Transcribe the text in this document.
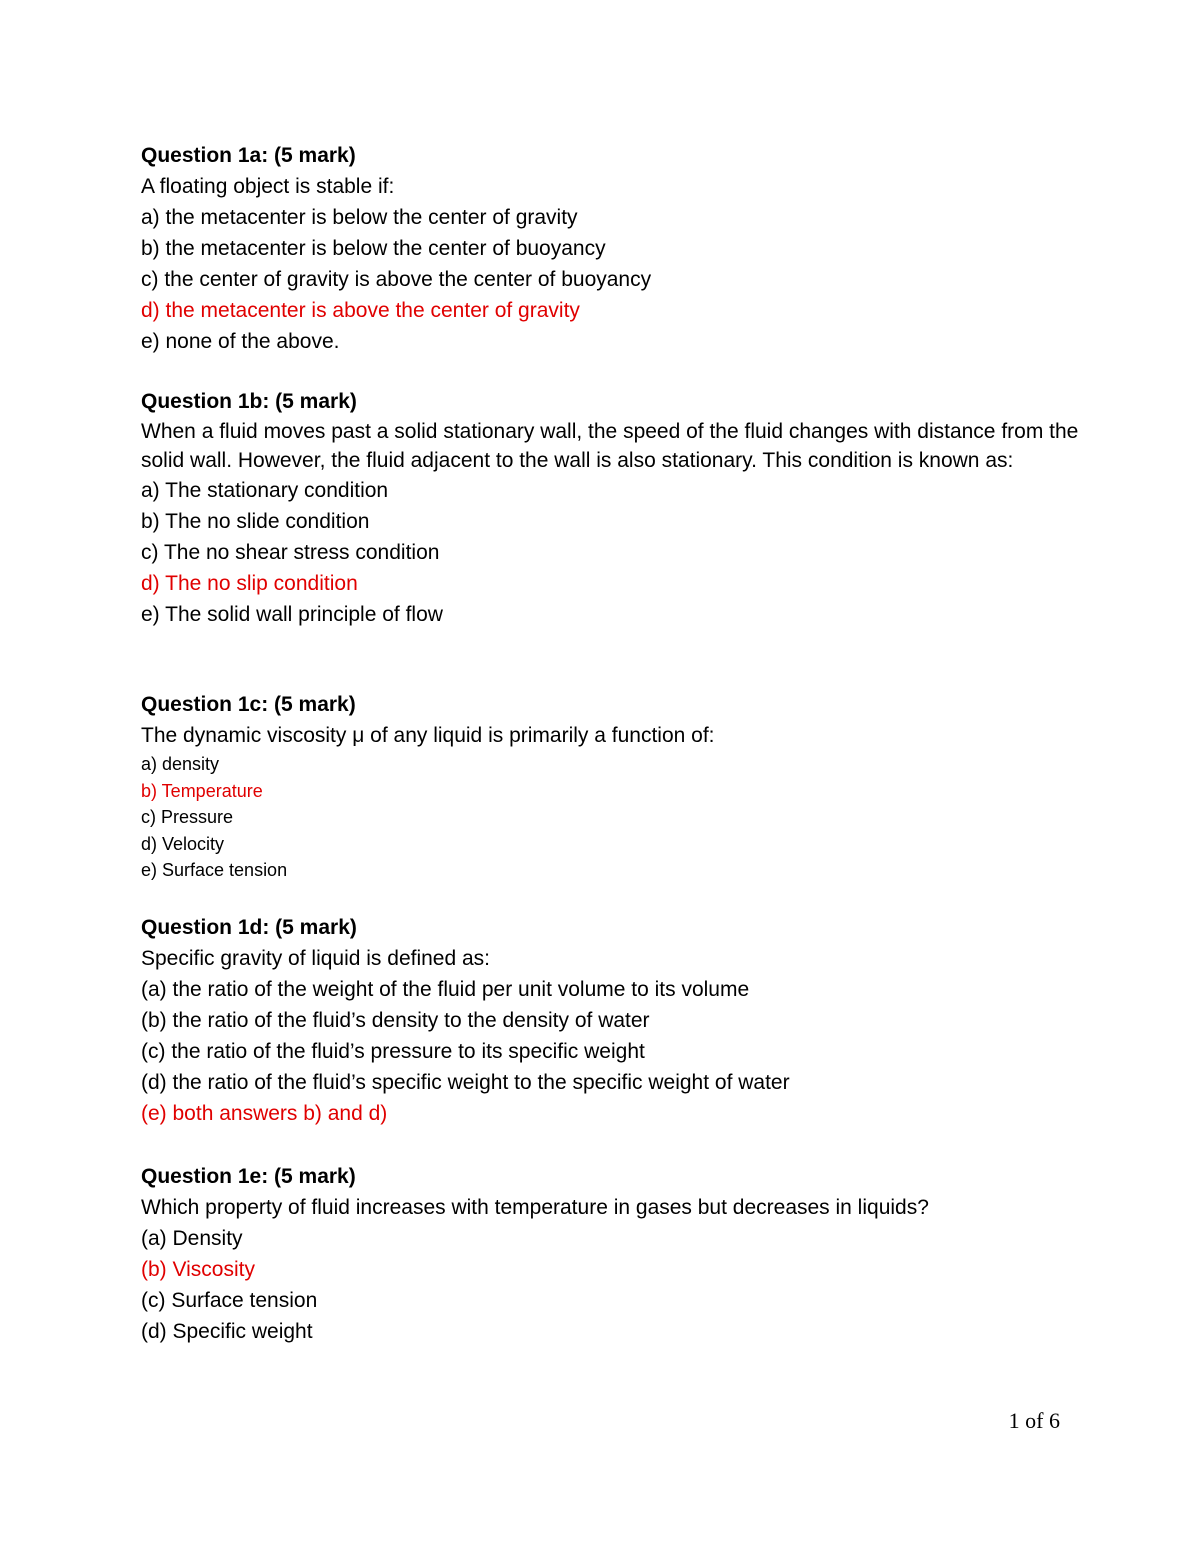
Question 1a: (5 mark)
A floating object is stable if:
a) the metacenter is below the center of gravity
b) the metacenter is below the center of buoyancy
c) the center of gravity is above the center of buoyancy
d) the metacenter is above the center of gravity
e) none of the above.
Question 1b: (5 mark)
When a fluid moves past a solid stationary wall, the speed of the fluid changes with distance from the solid wall. However, the fluid adjacent to the wall is also stationary. This condition is known as:
a) The stationary condition
b) The no slide condition
c) The no shear stress condition
d) The no slip condition
e) The solid wall principle of flow
Question 1c: (5 mark)
The dynamic viscosity μ of any liquid is primarily a function of:
a) density
b) Temperature
c) Pressure
d) Velocity
e) Surface tension
Question 1d: (5 mark)
Specific gravity of liquid is defined as:
(a) the ratio of the weight of the fluid per unit volume to its volume
(b) the ratio of the fluid’s density to the density of water
(c) the ratio of the fluid’s pressure to its specific weight
(d) the ratio of the fluid’s specific weight to the specific weight of water
(e) both answers b) and d)
Question 1e: (5 mark)
Which property of fluid increases with temperature in gases but decreases in liquids?
(a) Density
(b) Viscosity
(c) Surface tension
(d) Specific weight
1 of 6
